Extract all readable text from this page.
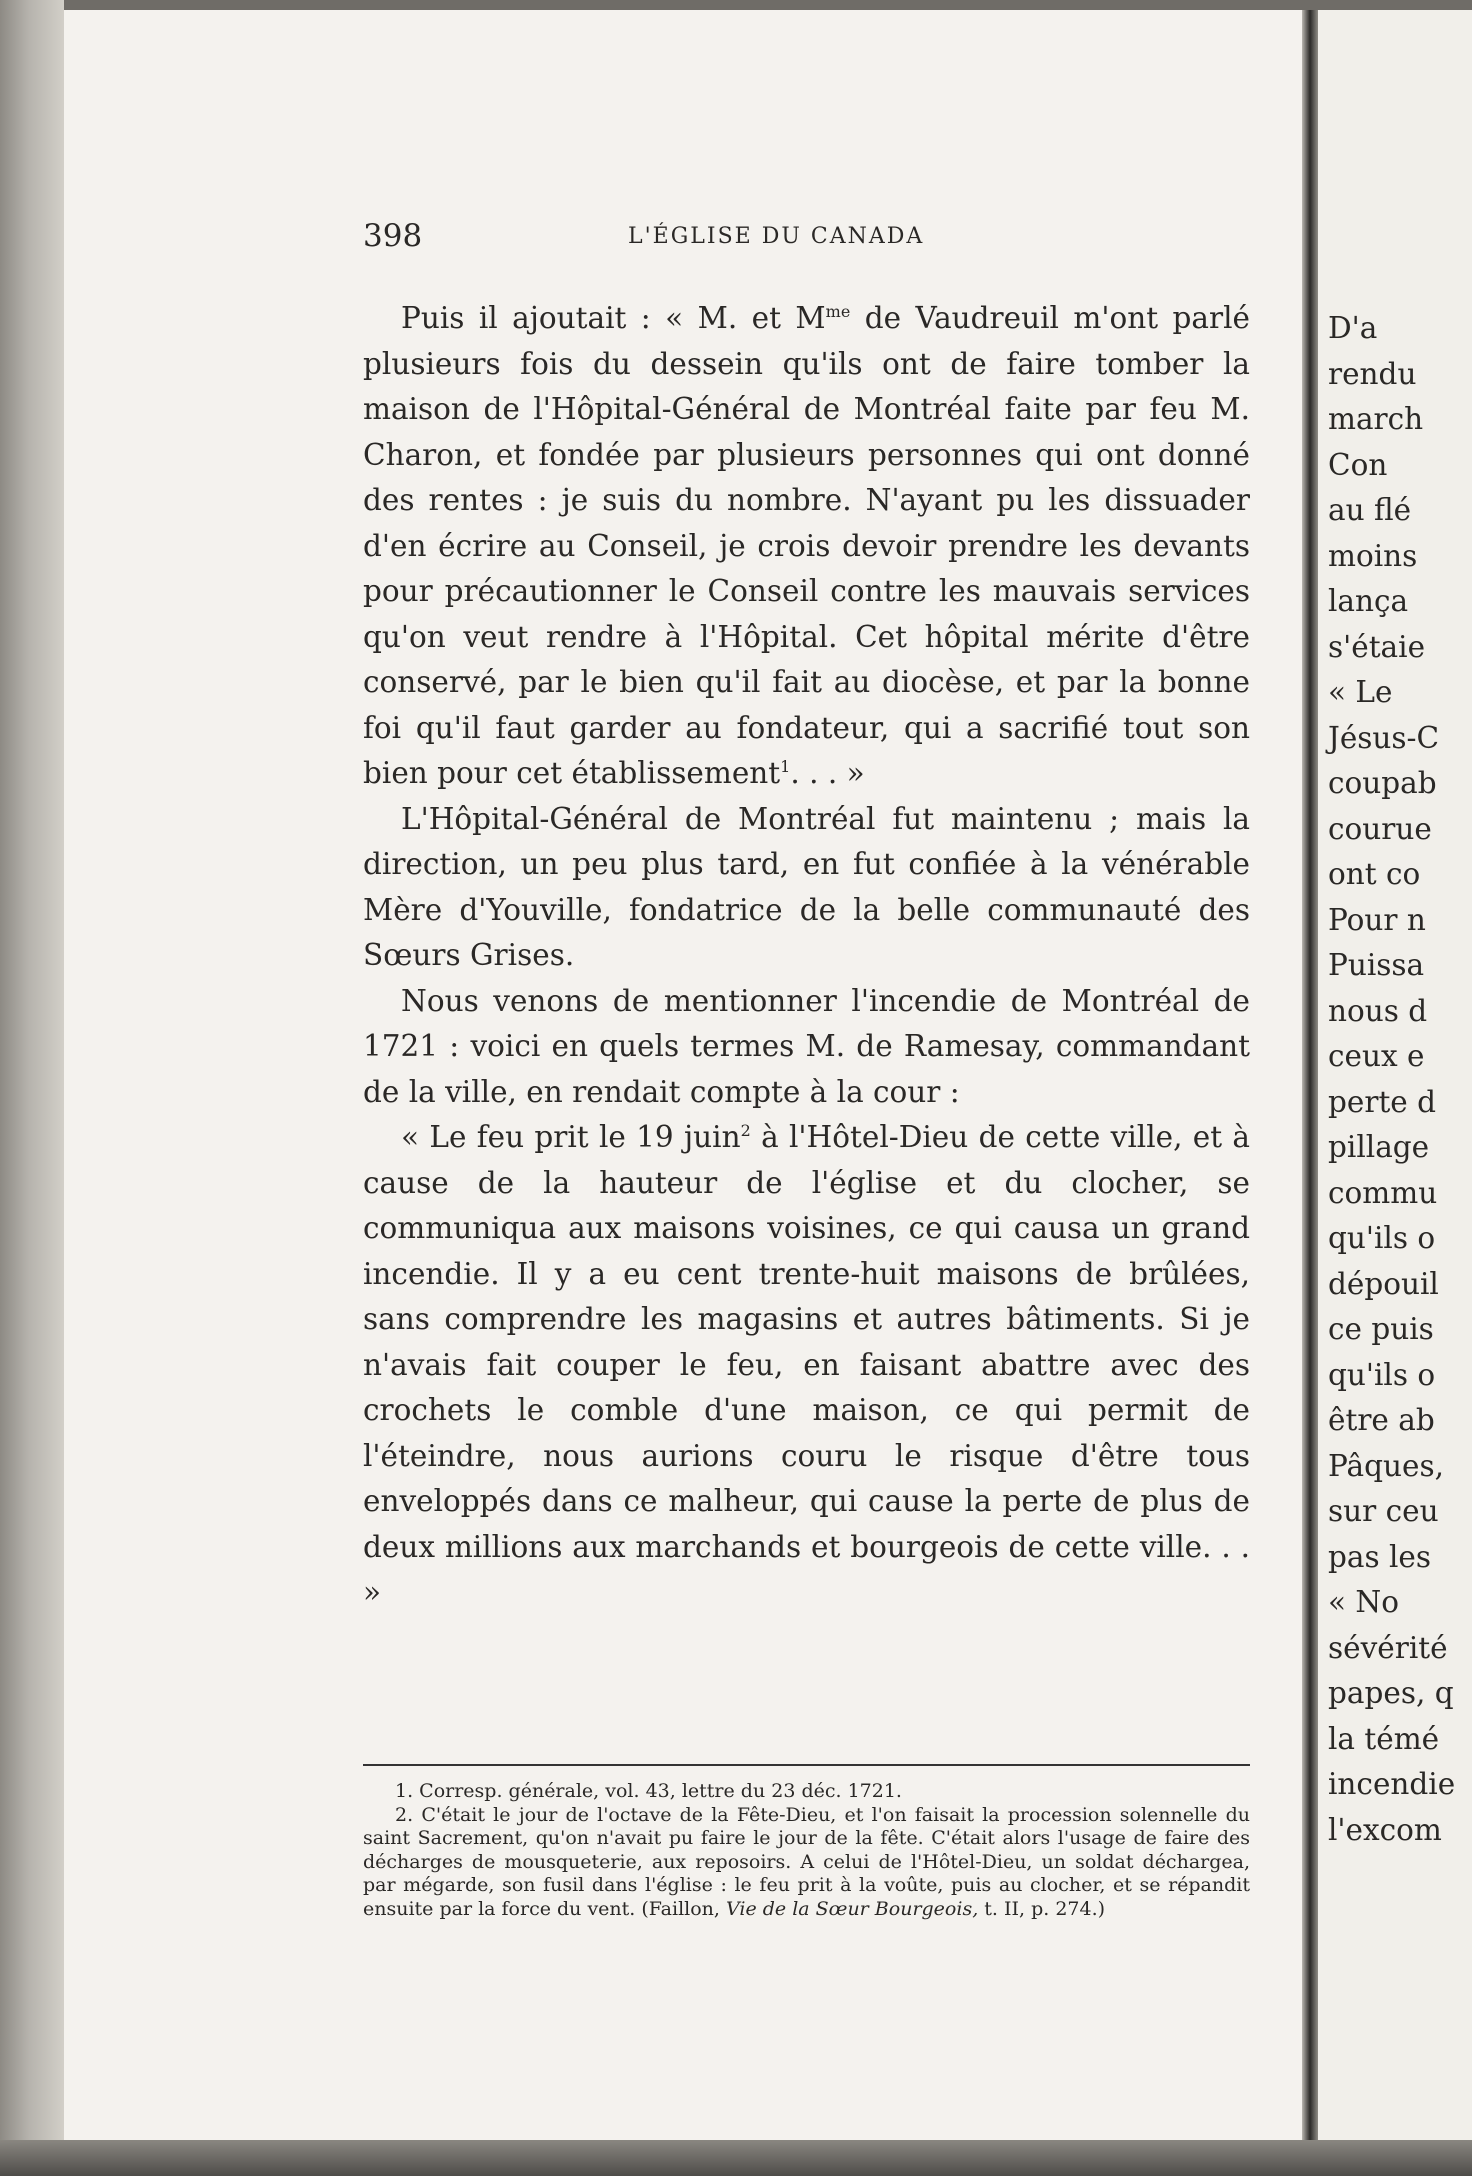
D'a
rendu
march
Con
au flé
moins
lança
s'étaie
« Le
Jésus-C
coupab
courue
ont co
Pour n
Puissa
nous d
ceux e
perte d
pillage
commu
qu'ils o
dépouil
ce puis
qu'ils o
être ab
Pâques,
sur ceu
pas les
« No
sévérité
papes, q
la témé
incendie
l'excom
398	L'ÉGLISE DU CANADA

Puis il ajoutait : « M. et $M^{me}$ de Vaudreuil m'ont parlé plusieurs fois du dessein qu'ils ont de faire tomber la maison de l'Hôpital-Général de Montréal faite par feu M. Charon, et fondée par plusieurs personnes qui ont donné des rentes : je suis du nombre. N'ayant pu les dissuader d'en écrire au Conseil, je crois devoir prendre les devants pour précautionner le Conseil contre les mauvais services qu'on veut rendre à l'Hôpital. Cet hôpital mérite d'être conservé, par le bien qu'il fait au diocèse, et par la bonne foi qu'il faut garder au fondateur, qui a sacrifié tout son bien pour cet établissement$^1$. . . »

L'Hôpital-Général de Montréal fut maintenu ; mais la direction, un peu plus tard, en fut confiée à la vénérable Mère d'Youville, fondatrice de la belle communauté des Sœurs Grises.

Nous venons de mentionner l'incendie de Montréal de 1721 : voici en quels termes M. de Ramesay, commandant de la ville, en rendait compte à la cour :

« Le feu prit le 19 juin$^2$ à l'Hôtel-Dieu de cette ville, et à cause de la hauteur de l'église et du clocher, se communiqua aux maisons voisines, ce qui causa un grand incendie. Il y a eu cent trente-huit maisons de brûlées, sans comprendre les magasins et autres bâtiments. Si je n'avais fait couper le feu, en faisant abattre avec des crochets le comble d'une maison, ce qui permit de l'éteindre, nous aurions couru le risque d'être tous enveloppés dans ce malheur, qui cause la perte de plus de deux millions aux marchands et bourgeois de cette ville. . . »

1. Corresp. générale, vol. 43, lettre du 23 déc. 1721.

2. C'était le jour de l'octave de la Fête-Dieu, et l'on faisait la procession solennelle du saint Sacrement, qu'on n'avait pu faire le jour de la fête. C'était alors l'usage de faire des décharges de mousqueterie, aux reposoirs. A celui de l'Hôtel-Dieu, un soldat déchargea, par mégarde, son fusil dans l'église : le feu prit à la voûte, puis au clocher, et se répandit ensuite par la force du vent. (Faillon, Vie de la Sœur Bourgeois, t. II, p. 274.)
